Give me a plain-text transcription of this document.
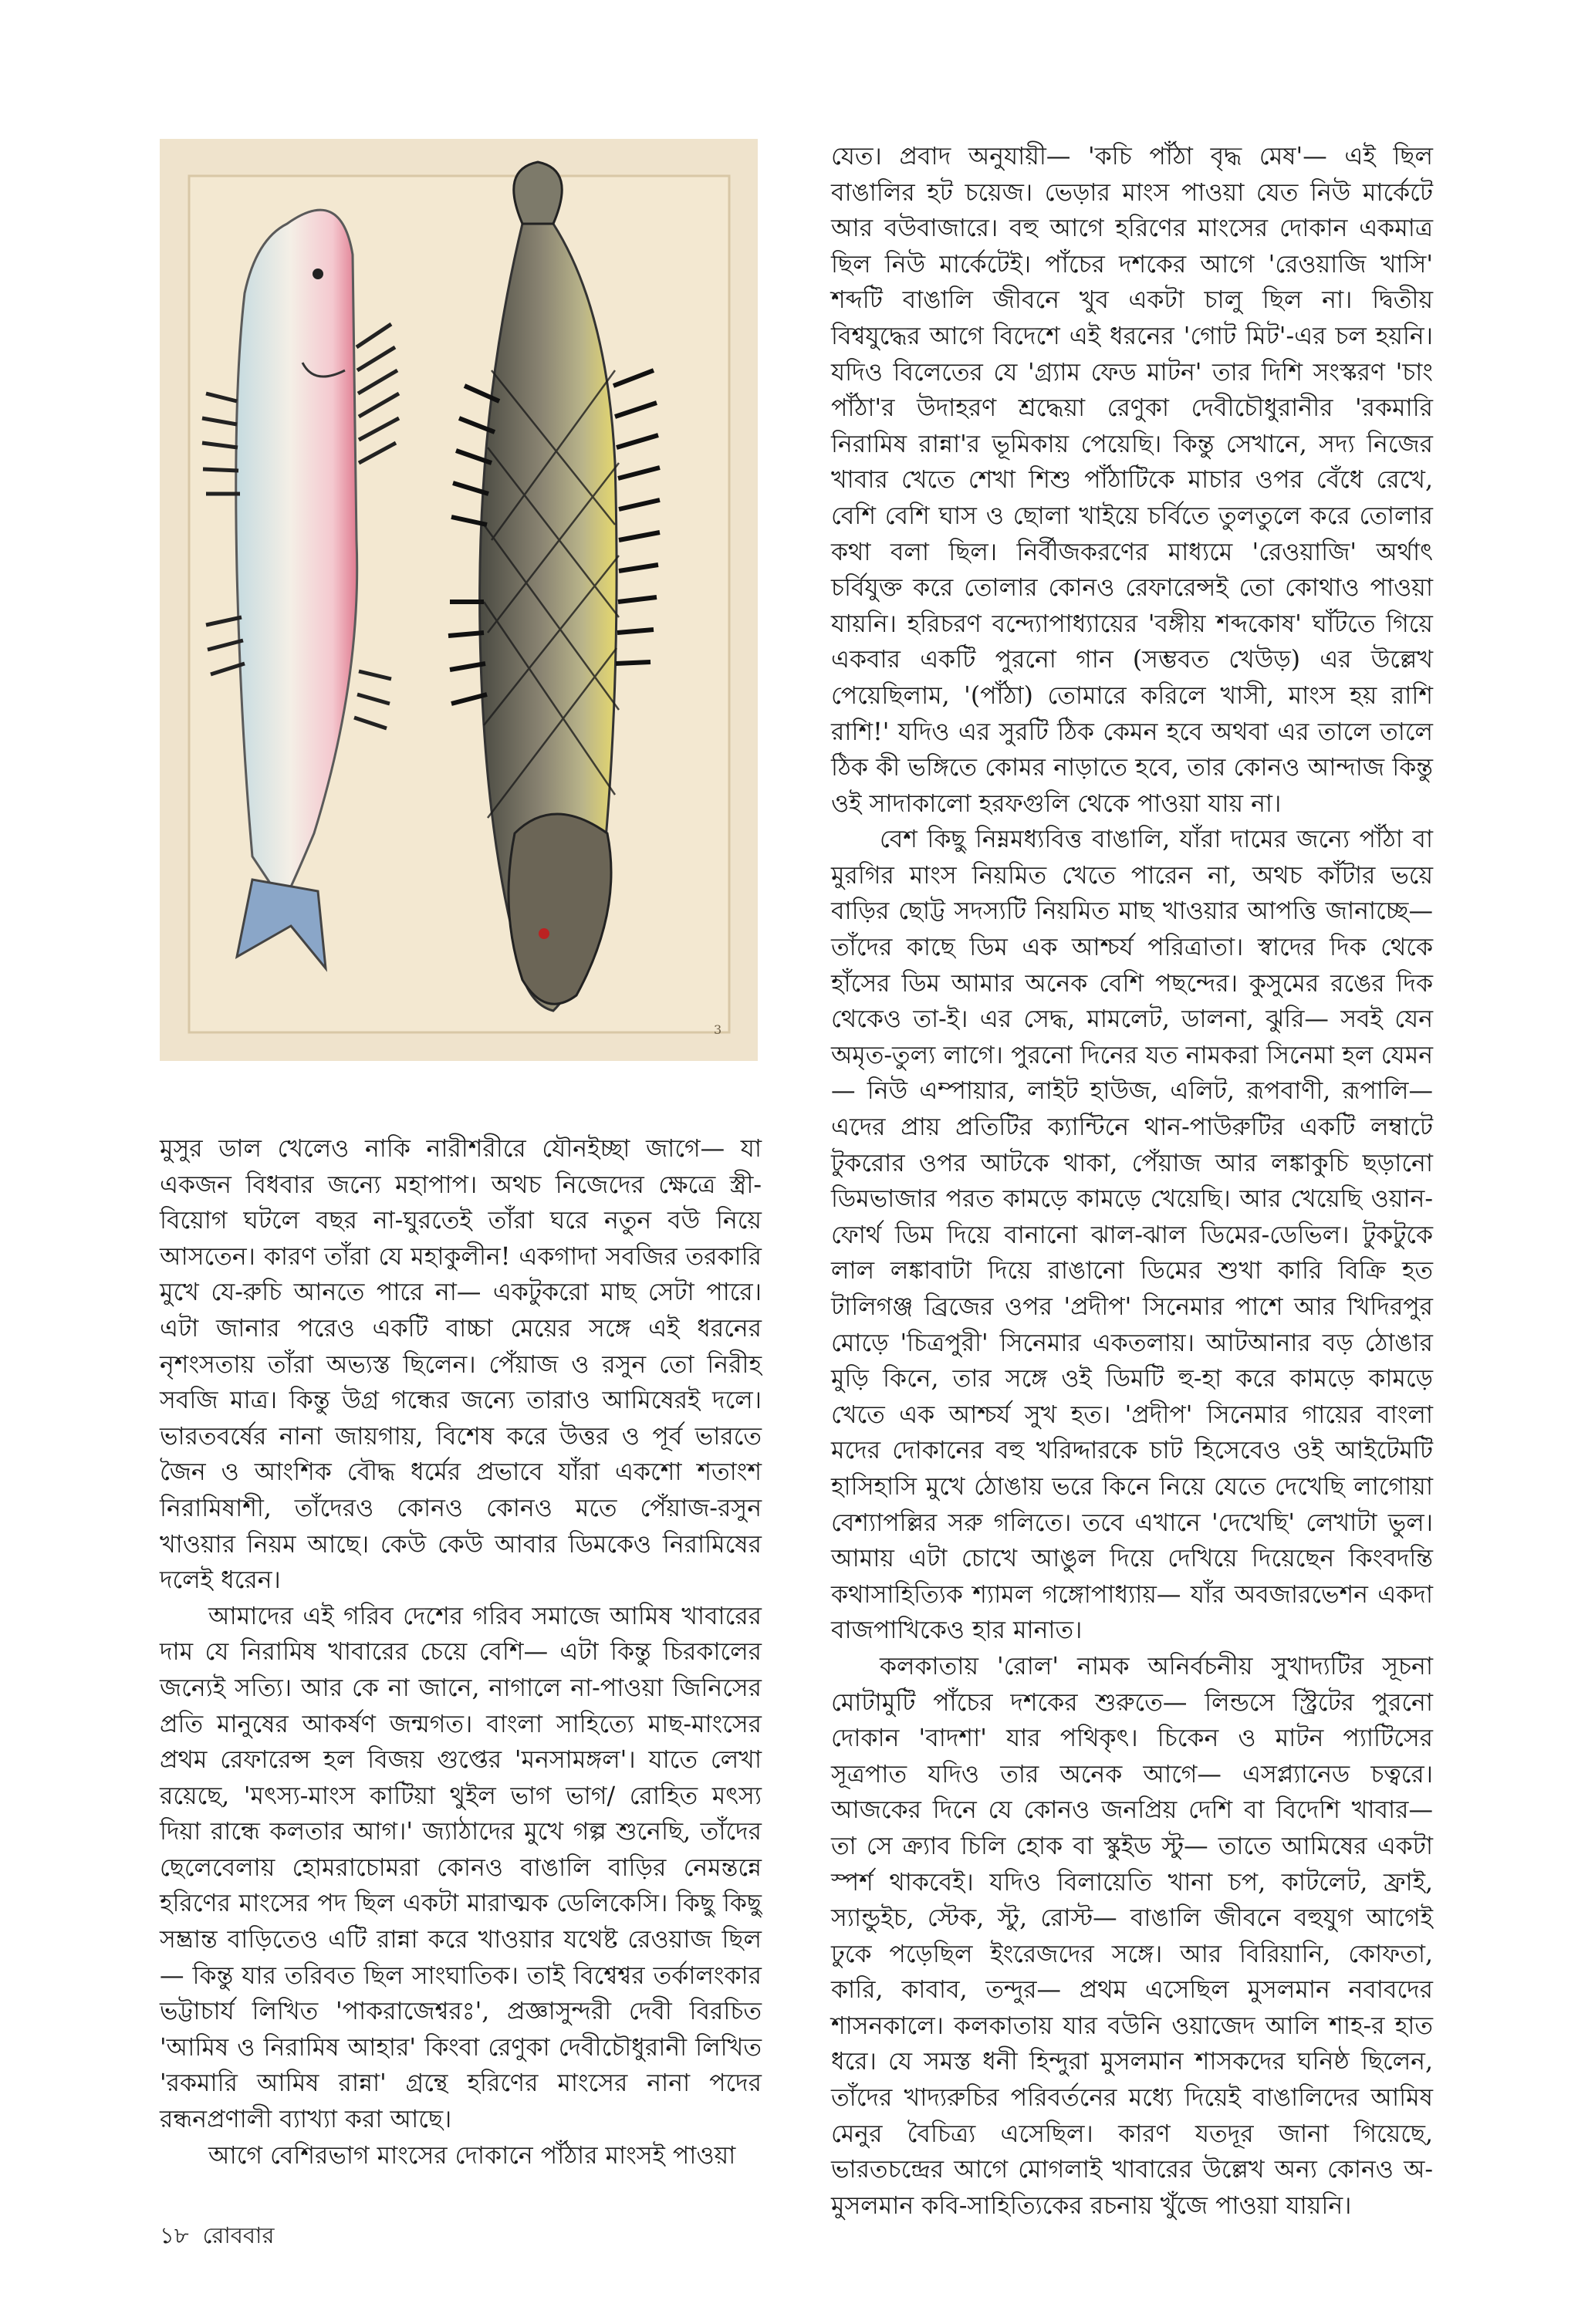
3

মুসুর ডাল খেলেও নাকি নারীশরীরে যৌনইচ্ছা জাগে— যা একজন বিধবার জন্যে মহাপাপ। অথচ নিজেদের ক্ষেত্রে স্ত্রী-বিয়োগ ঘটলে বছর না-ঘুরতেই তাঁরা ঘরে নতুন বউ নিয়ে আসতেন। কারণ তাঁরা যে মহাকুলীন! একগাদা সবজির তরকারি মুখে যে-রুচি আনতে পারে না— একটুকরো মাছ সেটা পারে। এটা জানার পরেও একটি বাচ্চা মেয়ের সঙ্গে এই ধরনের নৃশংসতায় তাঁরা অভ্যস্ত ছিলেন। পেঁয়াজ ও রসুন তো নিরীহ সবজি মাত্র। কিন্তু উগ্র গন্ধের জন্যে তারাও আমিষেরই দলে। ভারতবর্ষের নানা জায়গায়, বিশেষ করে উত্তর ও পূর্ব ভারতে জৈন ও আংশিক বৌদ্ধ ধর্মের প্রভাবে যাঁরা একশো শতাংশ নিরামিষাশী, তাঁদেরও কোনও কোনও মতে পেঁয়াজ-রসুন খাওয়ার নিয়ম আছে। কেউ কেউ আবার ডিমকেও নিরামিষের দলেই ধরেন।

আমাদের এই গরিব দেশের গরিব সমাজে আমিষ খাবারের দাম যে নিরামিষ খাবারের চেয়ে বেশি— এটা কিন্তু চিরকালের জন্যেই সত্যি। আর কে না জানে, নাগালে না-পাওয়া জিনিসের প্রতি মানুষের আকর্ষণ জন্মগত। বাংলা সাহিত্যে মাছ-মাংসের প্রথম রেফারেন্স হল বিজয় গুপ্তের 'মনসামঙ্গল'। যাতে লেখা রয়েছে, 'মৎস্য-মাংস কাটিয়া থুইল ভাগ ভাগ/ রোহিত মৎস্য দিয়া রান্ধে কলতার আগ।' জ্যাঠাদের মুখে গল্প শুনেছি, তাঁদের ছেলেবেলায় হোমরাচোমরা কোনও বাঙালি বাড়ির নেমন্তন্নে হরিণের মাংসের পদ ছিল একটা মারাত্মক ডেলিকেসি। কিছু কিছু সম্ভ্রান্ত বাড়িতেও এটি রান্না করে খাওয়ার যথেষ্ট রেওয়াজ ছিল— কিন্তু যার তরিবত ছিল সাংঘাতিক। তাই বিশ্বেশ্বর তর্কালংকার ভট্টাচার্য লিখিত 'পাকরাজেশ্বরঃ', প্রজ্ঞাসুন্দরী দেবী বিরচিত 'আমিষ ও নিরামিষ আহার' কিংবা রেণুকা দেবীচৌধুরানী লিখিত 'রকমারি আমিষ রান্না' গ্রন্থে হরিণের মাংসের নানা পদের রন্ধনপ্রণালী ব্যাখ্যা করা আছে।

আগে বেশিরভাগ মাংসের দোকানে পাঁঠার মাংসই পাওয়া

যেত। প্রবাদ অনুযায়ী— 'কচি পাঁঠা বৃদ্ধ মেষ'— এই ছিল বাঙালির হট চয়েজ। ভেড়ার মাংস পাওয়া যেত নিউ মার্কেটে আর বউবাজারে। বহু আগে হরিণের মাংসের দোকান একমাত্র ছিল নিউ মার্কেটেই। পাঁচের দশকের আগে 'রেওয়াজি খাসি' শব্দটি বাঙালি জীবনে খুব একটা চালু ছিল না। দ্বিতীয় বিশ্বযুদ্ধের আগে বিদেশে এই ধরনের 'গোট মিট'-এর চল হয়নি। যদিও বিলেতের যে 'গ্র্যাম ফেড মাটন' তার দিশি সংস্করণ 'চাং পাঁঠা'র উদাহরণ শ্রদ্ধেয়া রেণুকা দেবীচৌধুরানীর 'রকমারি নিরামিষ রান্না'র ভূমিকায় পেয়েছি। কিন্তু সেখানে, সদ্য নিজের খাবার খেতে শেখা শিশু পাঁঠাটিকে মাচার ওপর বেঁধে রেখে, বেশি বেশি ঘাস ও ছোলা খাইয়ে চর্বিতে তুলতুলে করে তোলার কথা বলা ছিল। নির্বীজকরণের মাধ্যমে 'রেওয়াজি' অর্থাৎ চর্বিযুক্ত করে তোলার কোনও রেফারেন্সই তো কোথাও পাওয়া যায়নি। হরিচরণ বন্দ্যোপাধ্যায়ের 'বঙ্গীয় শব্দকোষ' ঘাঁটতে গিয়ে একবার একটি পুরনো গান (সম্ভবত খেউড়) এর উল্লেখ পেয়েছিলাম, '(পাঁঠা) তোমারে করিলে খাসী, মাংস হয় রাশি রাশি!' যদিও এর সুরটি ঠিক কেমন হবে অথবা এর তালে তালে ঠিক কী ভঙ্গিতে কোমর নাড়াতে হবে, তার কোনও আন্দাজ কিন্তু ওই সাদাকালো হরফগুলি থেকে পাওয়া যায় না।

বেশ কিছু নিম্নমধ্যবিত্ত বাঙালি, যাঁরা দামের জন্যে পাঁঠা বা মুরগির মাংস নিয়মিত খেতে পারেন না, অথচ কাঁটার ভয়ে বাড়ির ছোট্ট সদস্যটি নিয়মিত মাছ খাওয়ার আপত্তি জানাচ্ছে— তাঁদের কাছে ডিম এক আশ্চর্য পরিত্রাতা। স্বাদের দিক থেকে হাঁসের ডিম আমার অনেক বেশি পছন্দের। কুসুমের রঙের দিক থেকেও তা-ই। এর সেদ্ধ, মামলেট, ডালনা, ঝুরি— সবই যেন অমৃত-তুল্য লাগে। পুরনো দিনের যত নামকরা সিনেমা হল যেমন— নিউ এম্পায়ার, লাইট হাউজ, এলিট, রূপবাণী, রূপালি— এদের প্রায় প্রতিটির ক্যান্টিনে থান-পাউরুটির একটি লম্বাটে টুকরোর ওপর আটকে থাকা, পেঁয়াজ আর লঙ্কাকুচি ছড়ানো ডিমভাজার পরত কামড়ে কামড়ে খেয়েছি। আর খেয়েছি ওয়ান-ফোর্থ ডিম দিয়ে বানানো ঝাল-ঝাল ডিমের-ডেভিল। টুকটুকে লাল লঙ্কাবাটা দিয়ে রাঙানো ডিমের শুখা কারি বিক্রি হত টালিগঞ্জ ব্রিজের ওপর 'প্রদীপ' সিনেমার পাশে আর খিদিরপুর মোড়ে 'চিত্রপুরী' সিনেমার একতলায়। আটআনার বড় ঠোঙার মুড়ি কিনে, তার সঙ্গে ওই ডিমটি হু-হা করে কামড়ে কামড়ে খেতে এক আশ্চর্য সুখ হত। 'প্রদীপ' সিনেমার গায়ের বাংলা মদের দোকানের বহু খরিদ্দারকে চাট হিসেবেও ওই আইটেমটি হাসিহাসি মুখে ঠোঙায় ভরে কিনে নিয়ে যেতে দেখেছি লাগোয়া বেশ্যাপল্লির সরু গলিতে। তবে এখানে 'দেখেছি' লেখাটা ভুল। আমায় এটা চোখে আঙুল দিয়ে দেখিয়ে দিয়েছেন কিংবদন্তি কথাসাহিত্যিক শ্যামল গঙ্গোপাধ্যায়— যাঁর অবজারভেশন একদা বাজপাখিকেও হার মানাত।

কলকাতায় 'রোল' নামক অনির্বচনীয় সুখাদ্যটির সূচনা মোটামুটি পাঁচের দশকের শুরুতে— লিন্ডসে স্ট্রিটের পুরনো দোকান 'বাদশা' যার পথিকৃৎ। চিকেন ও মাটন প্যাটিসের সূত্রপাত যদিও তার অনেক আগে— এসপ্ল্যানেড চত্বরে। আজকের দিনে যে কোনও জনপ্রিয় দেশি বা বিদেশি খাবার— তা সে ক্র্যাব চিলি হোক বা স্কুইড স্টু— তাতে আমিষের একটা স্পর্শ থাকবেই। যদিও বিলায়েতি খানা চপ, কাটলেট, ফ্রাই, স্যান্ডুইচ, স্টেক, স্টু, রোস্ট— বাঙালি জীবনে বহুযুগ আগেই ঢুকে পড়েছিল ইংরেজদের সঙ্গে। আর বিরিয়ানি, কোফতা, কারি, কাবাব, তন্দুর— প্রথম এসেছিল মুসলমান নবাবদের শাসনকালে। কলকাতায় যার বউনি ওয়াজেদ আলি শাহ-র হাত ধরে। যে সমস্ত ধনী হিন্দুরা মুসলমান শাসকদের ঘনিষ্ঠ ছিলেন, তাঁদের খাদ্যরুচির পরিবর্তনের মধ্যে দিয়েই বাঙালিদের আমিষ মেনুর বৈচিত্র্য এসেছিল। কারণ যতদূর জানা গিয়েছে, ভারতচন্দ্রের আগে মোগলাই খাবারের উল্লেখ অন্য কোনও অ-মুসলমান কবি-সাহিত্যিকের রচনায় খুঁজে পাওয়া যায়নি।

১৮ রোববার
